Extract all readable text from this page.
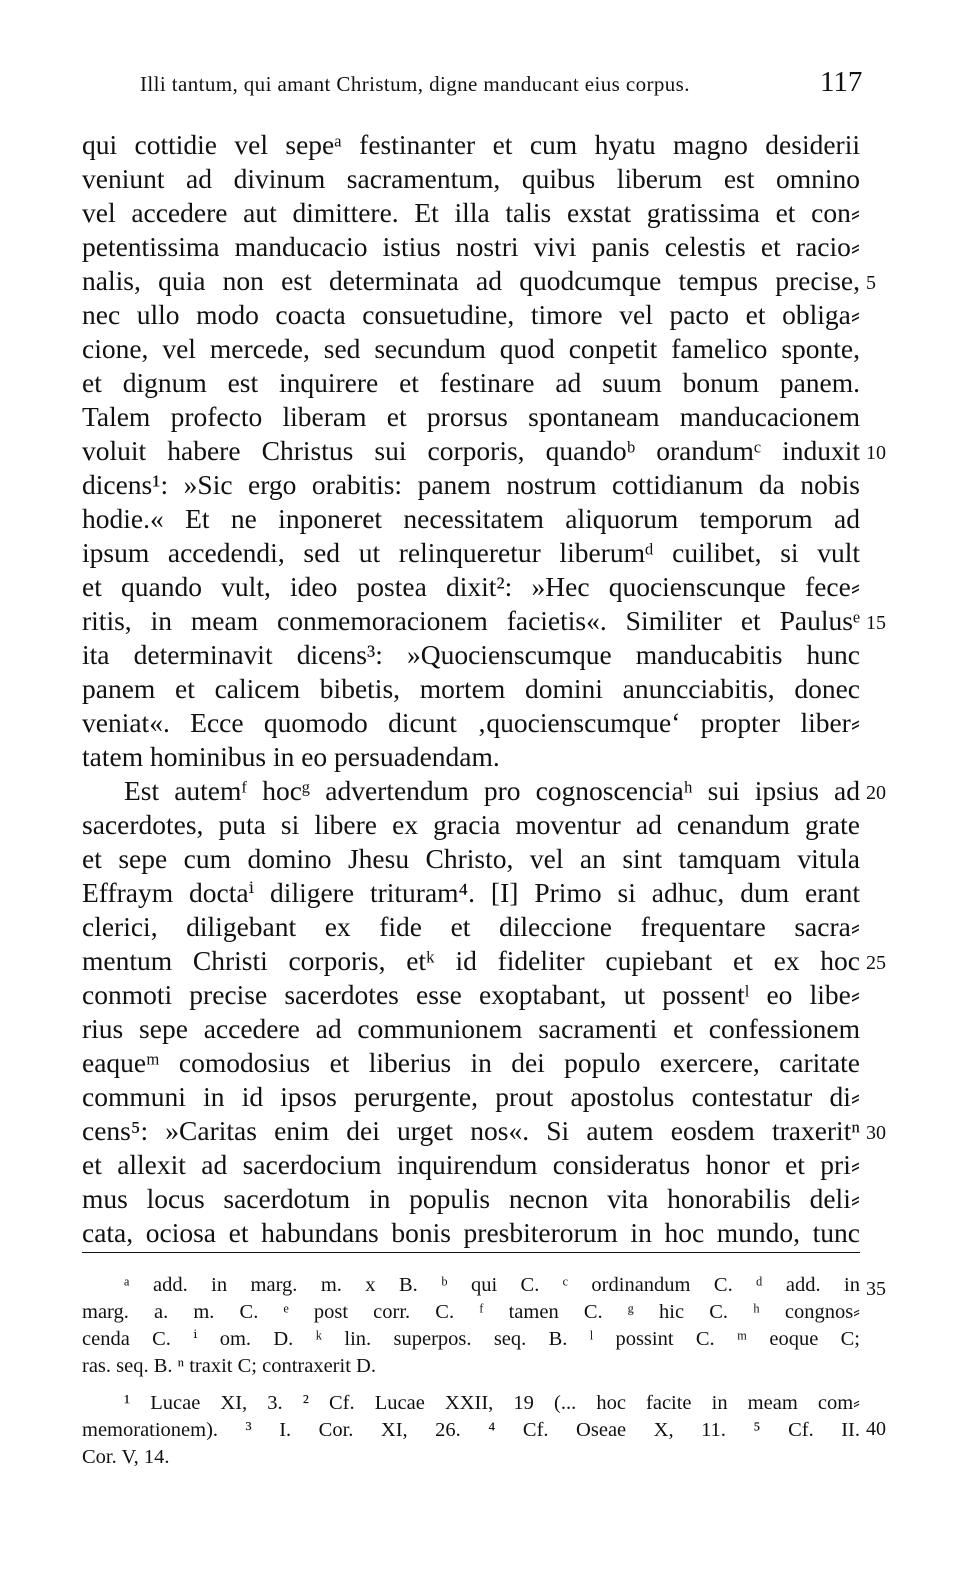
Illi tantum, qui amant Christum, digne manducant eius corpus.	117
qui cottidie vel sepeᵃ festinanter et cum hyatu magno desiderii
veniunt ad divinum sacramentum, quibus liberum est omnino
vel accedere aut dimittere. Et illa talis exstat gratissima et con⸗
petentissima manducacio istius nostri vivi panis celestis et racio⸗
nalis, quia non est determinata ad quodcumque tempus precise,
nec ullo modo coacta consuetudine, timore vel pacto et obliga⸗
cione, vel mercede, sed secundum quod conpetit famelico sponte,
et dignum est inquirere et festinare ad suum bonum panem.
Talem profecto liberam et prorsus spontaneam manducacionem
voluit habere Christus sui corporis, quandoᵇ orandumᶜ induxit
dicens¹: »Sic ergo orabitis: panem nostrum cottidianum da nobis
hodie.« Et ne inponeret necessitatem aliquorum temporum ad
ipsum accedendi, sed ut relinqueretur liberumᵈ cuilibet, si vult
et quando vult, ideo postea dixit²: »Hec quocienscunque fece⸗
ritis, in meam conmemoracionem facietis«. Similiter et Paulusᵉ
ita determinavit dicens³: »Quocienscumque manducabitis hunc
panem et calicem bibetis, mortem domini anuncciabitis, donec
veniat«. Ecce quomodo dicunt ‚quocienscumque‘ propter liber⸗
tatem hominibus in eo persuadendam.
Est autemᶠ hocᵍ advertendum pro cognoscenciaʰ sui ipsius ad
sacerdotes, puta si libere ex gracia moventur ad cenandum grate
et sepe cum domino Jhesu Christo, vel an sint tamquam vitula
Effraym doctaⁱ diligere trituram⁴. [I] Primo si adhuc, dum erant
clerici, diligebant ex fide et dileccione frequentare sacra⸗
mentum Christi corporis, etᵏ id fideliter cupiebant et ex hoc
conmoti precise sacerdotes esse exoptabant, ut possentˡ eo libe⸗
rius sepe accedere ad communionem sacramenti et confessionem
eaqueᵐ comodosius et liberius in dei populo exercere, caritate
communi in id ipsos perurgente, prout apostolus contestatur di⸗
cens⁵: »Caritas enim dei urget nos«. Si autem eosdem traxeritⁿ
et allexit ad sacerdocium inquirendum consideratus honor et pri⸗
mus locus sacerdotum in populis necnon vita honorabilis deli⸗
cata, ociosa et habundans bonis presbiterorum in hoc mundo, tunc
5
10
15
20
25
30
35
40
ᵃ add. in marg. m. x B. ᵇ qui C. ᶜ ordinandum C. ᵈ add. in
marg. a. m. C. ᵉ post corr. C. ᶠ tamen C. ᵍ hic C. ʰ congnos⸗
cenda C. ⁱ om. D. ᵏ lin. superpos. seq. B. ˡ possint C. ᵐ eoque C;
ras. seq. B. ⁿ traxit C; contraxerit D.
¹ Lucae XI, 3. ² Cf. Lucae XXII, 19 (... hoc facite in meam com⸗
memorationem). ³ I. Cor. XI, 26. ⁴ Cf. Oseae X, 11. ⁵ Cf. II.
Cor. V, 14.
